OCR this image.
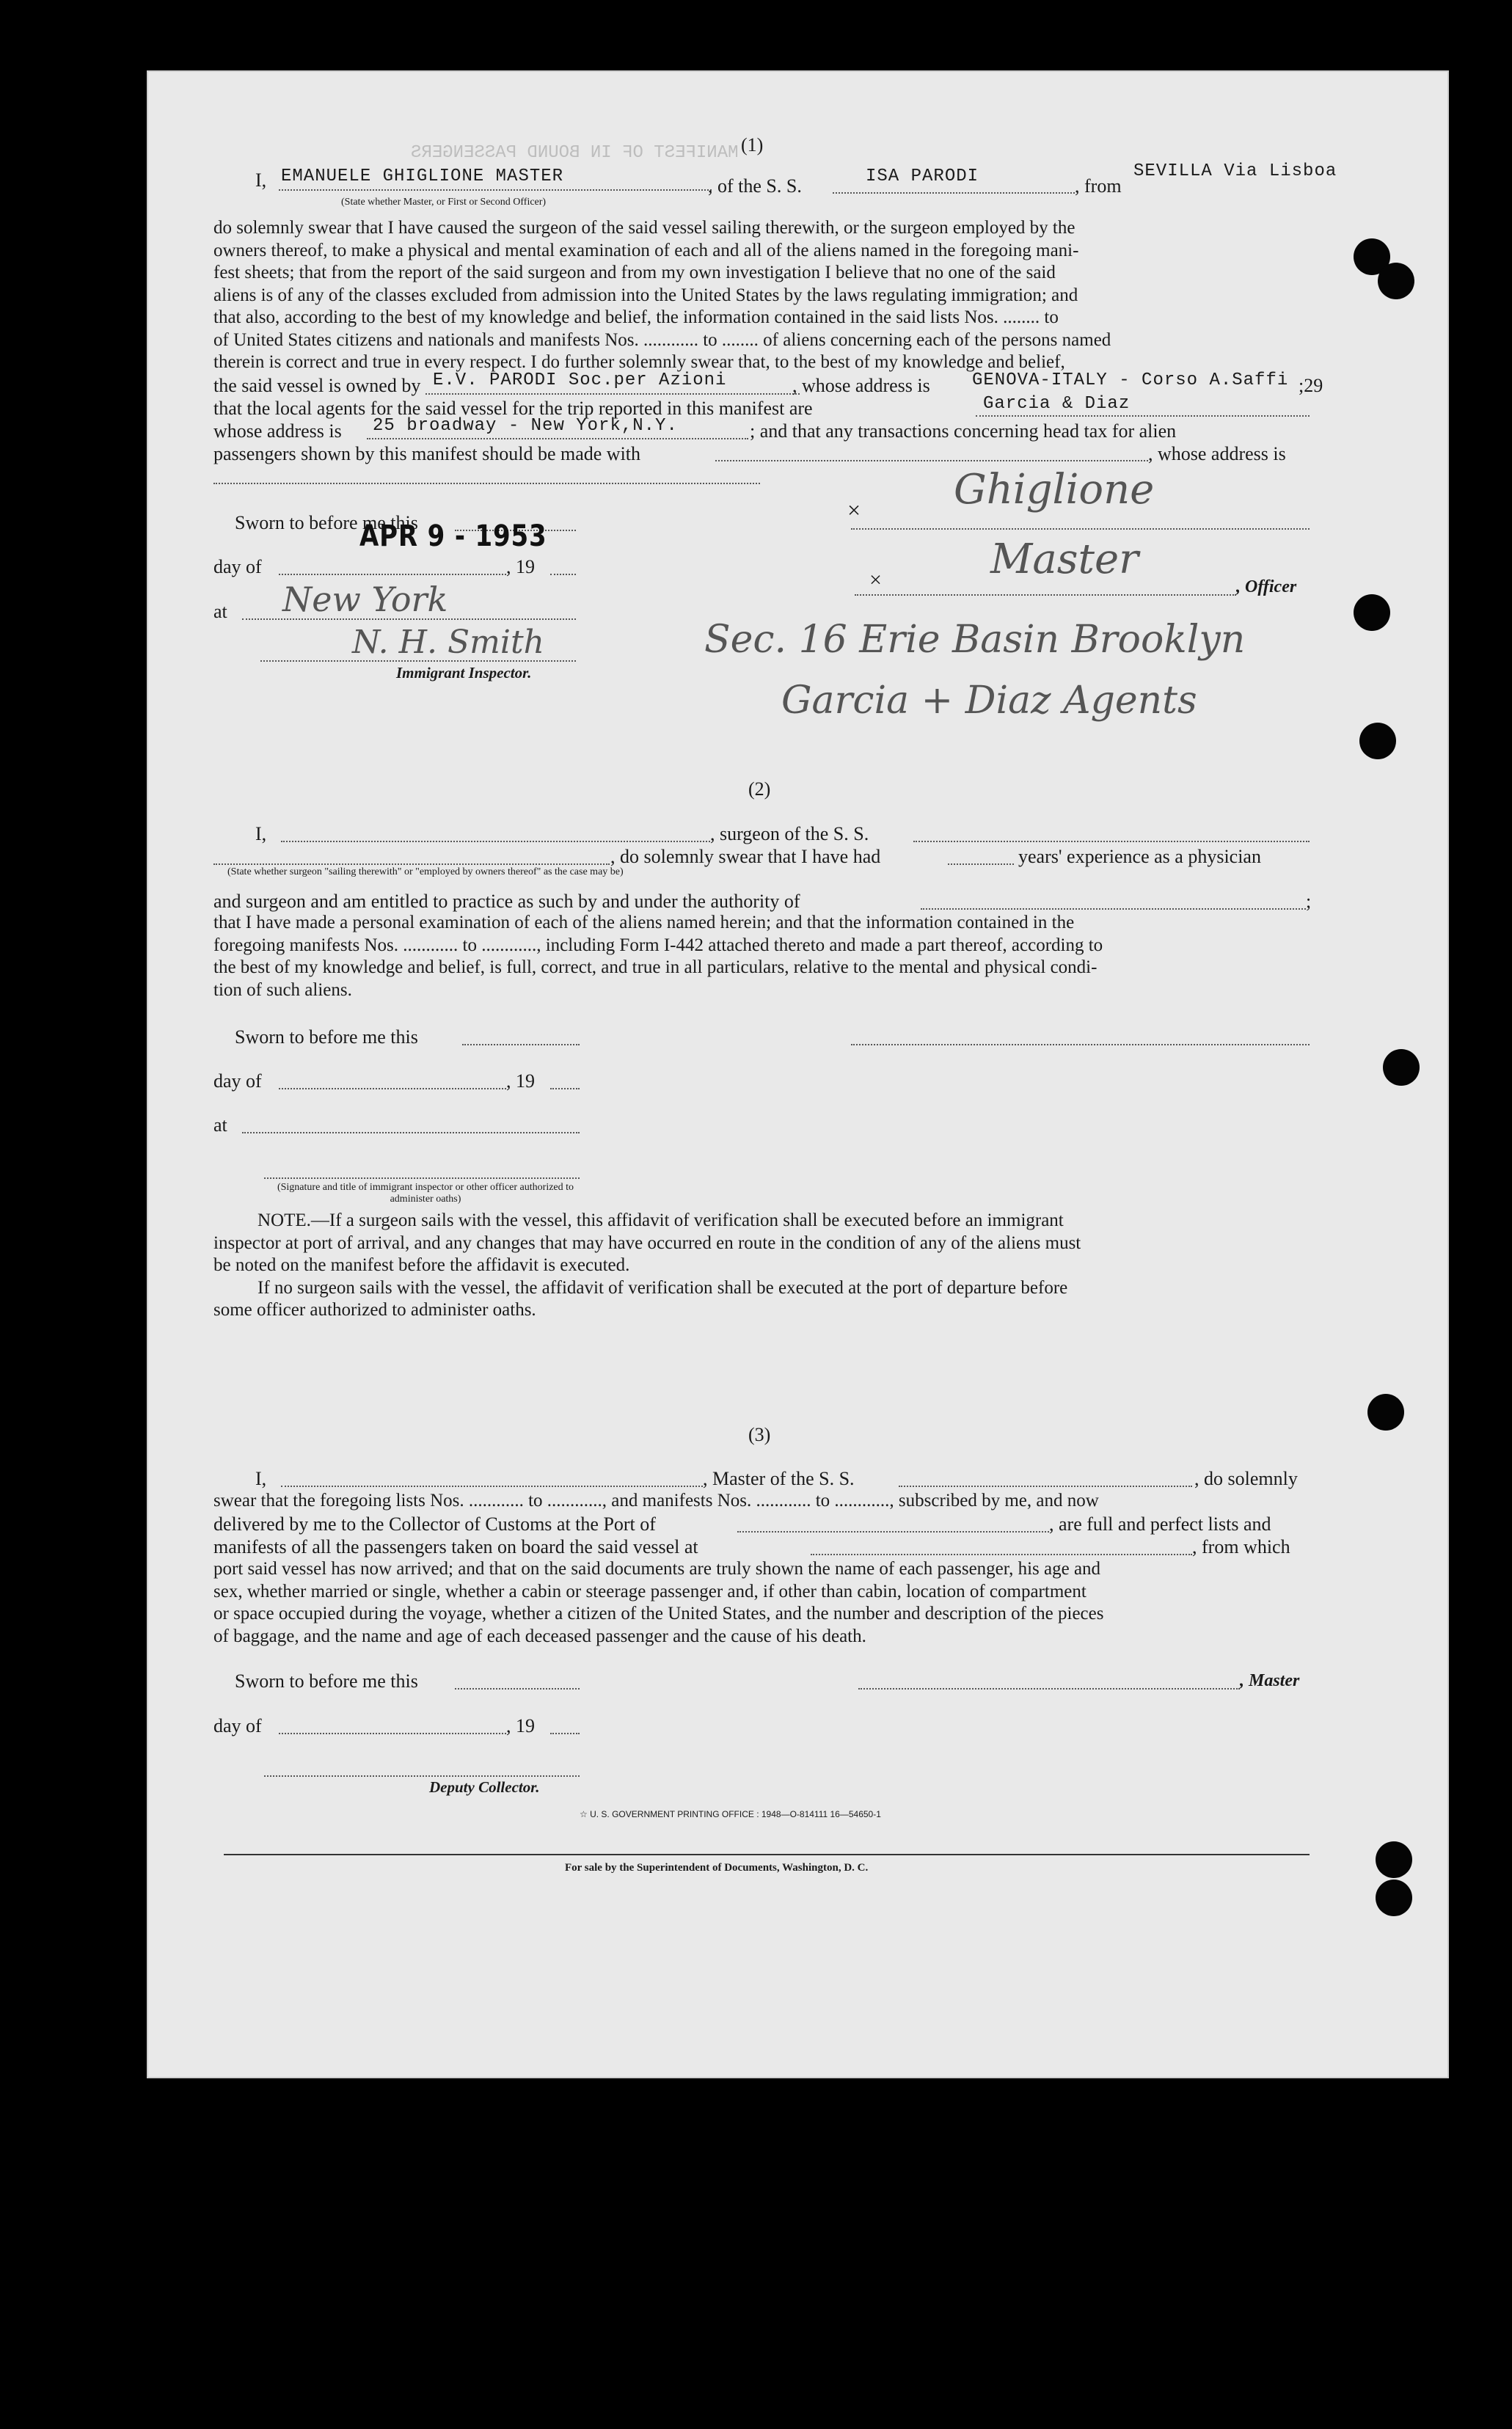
MANIFEST OF IN BOUND PASSENGERS (1)
I, EMANUELE GHIGLIONE MASTER	, of the S. S.	ISA PARODI	, from
SEVILLA Via Lisboa
(State whether Master, or First or Second Officer)
do solemnly swear that I have caused the surgeon of the said vessel sailing therewith, or the surgeon employed by the
owners thereof, to make a physical and mental examination of each and all of the aliens named in the foregoing mani-
fest sheets; that from the report of the said surgeon and from my own investigation I believe that no one of the said
aliens is of any of the classes excluded from admission into the United States by the laws regulating immigration; and
that also, according to the best of my knowledge and belief, the information contained in the said lists Nos. ........ to
of United States citizens and nationals and manifests Nos. ............ to ........ of aliens concerning each of the persons named
therein is correct and true in every respect. I do further solemnly swear that, to the best of my knowledge and belief,
the said vessel is owned by E.V. PARODI Soc.per Azioni	, whose address is GENOVA-ITALY - Corso A.Saffi ;29
that the local agents for the said vessel for the trip reported in this manifest are	Garcia & Diaz
whose address is 25 broadway - New York,N.Y.	; and that any transactions concerning head tax for alien
passengers shown by this manifest should be made with	, whose address is
Sworn to before me this
APR 9 - 1953
day of	, 19
at New York
N. H. Smith
Immigrant Inspector.
× Ghiglione
×	Master
, Officer
Sec. 16 Erie Basin Brooklyn
Garcia + Diaz Agents
(2)
I,	, surgeon of the S. S.
, do solemnly swear that I have had	years' experience as a physician
(State whether surgeon "sailing therewith" or "employed by owners thereof" as the case may be)
and surgeon and am entitled to practice as such by and under the authority of	;
that I have made a personal examination of each of the aliens named herein; and that the information contained in the
foregoing manifests Nos. ............ to ............, including Form I-442 attached thereto and made a part thereof, according to
the best of my knowledge and belief, is full, correct, and true in all particulars, relative to the mental and physical condi-
tion of such aliens.
Sworn to before me this
day of	, 19
at
(Signature and title of immigrant inspector or other officer authorized to administer oaths)
NOTE.—If a surgeon sails with the vessel, this affidavit of verification shall be executed before an immigrant
inspector at port of arrival, and any changes that may have occurred en route in the condition of any of the aliens must
be noted on the manifest before the affidavit is executed.
If no surgeon sails with the vessel, the affidavit of verification shall be executed at the port of departure before
some officer authorized to administer oaths.
(3)
I,	, Master of the S. S.	, do solemnly
swear that the foregoing lists Nos. ............ to ............, and manifests Nos. ............ to ............, subscribed by me, and now
delivered by me to the Collector of Customs at the Port of	, are full and perfect lists and
manifests of all the passengers taken on board the said vessel at	, from which
port said vessel has now arrived; and that on the said documents are truly shown the name of each passenger, his age and
sex, whether married or single, whether a cabin or steerage passenger and, if other than cabin, location of compartment
or space occupied during the voyage, whether a citizen of the United States, and the number and description of the pieces
of baggage, and the name and age of each deceased passenger and the cause of his death.
Sworn to before me this	, Master
day of	, 19
Deputy Collector.
☆ U. S. GOVERNMENT PRINTING OFFICE : 1948—O-814111 16—54650-1
For sale by the Superintendent of Documents, Washington, D. C.
